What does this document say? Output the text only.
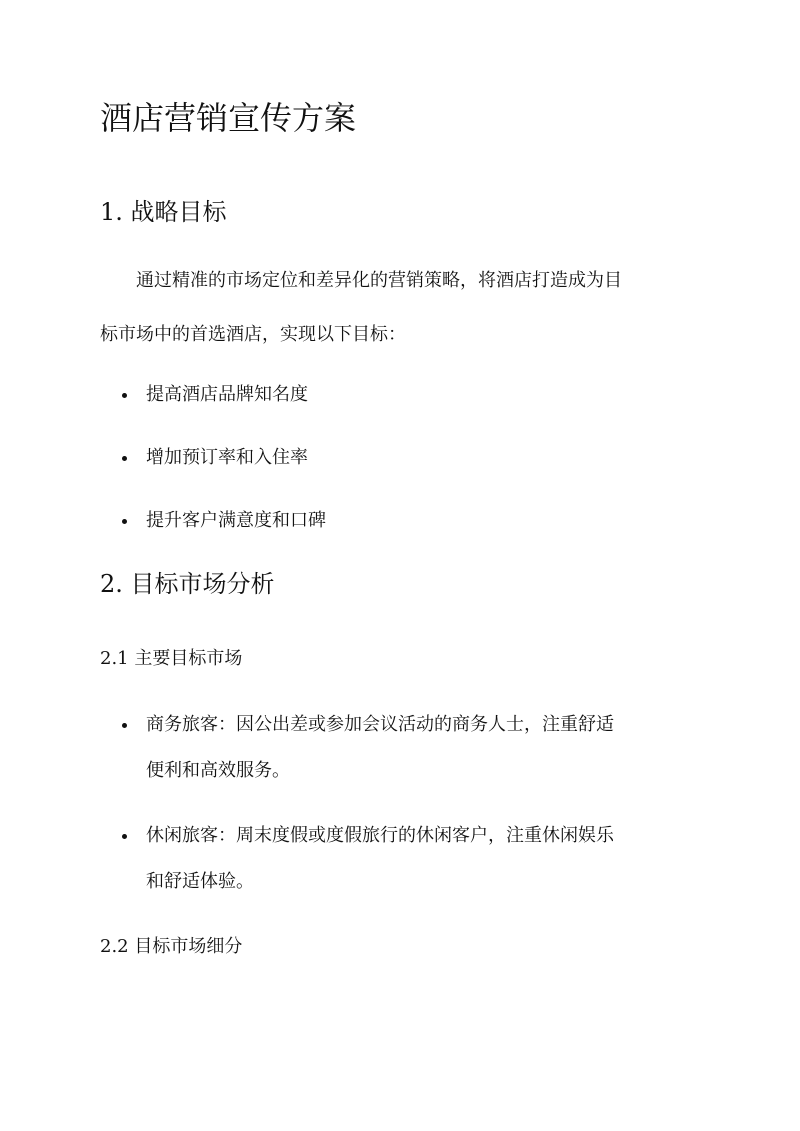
酒店营销宣传方案
1. 战略目标
通过精准的市场定位和差异化的营销策略，将酒店打造成为目
标市场中的首选酒店，实现以下目标：
提高酒店品牌知名度
增加预订率和入住率
提升客户满意度和口碑
2. 目标市场分析
2.1 主要目标市场
商务旅客：因公出差或参加会议活动的商务人士，注重舒适
便利和高效服务。
休闲旅客：周末度假或度假旅行的休闲客户，注重休闲娱乐
和舒适体验。
2.2 目标市场细分
